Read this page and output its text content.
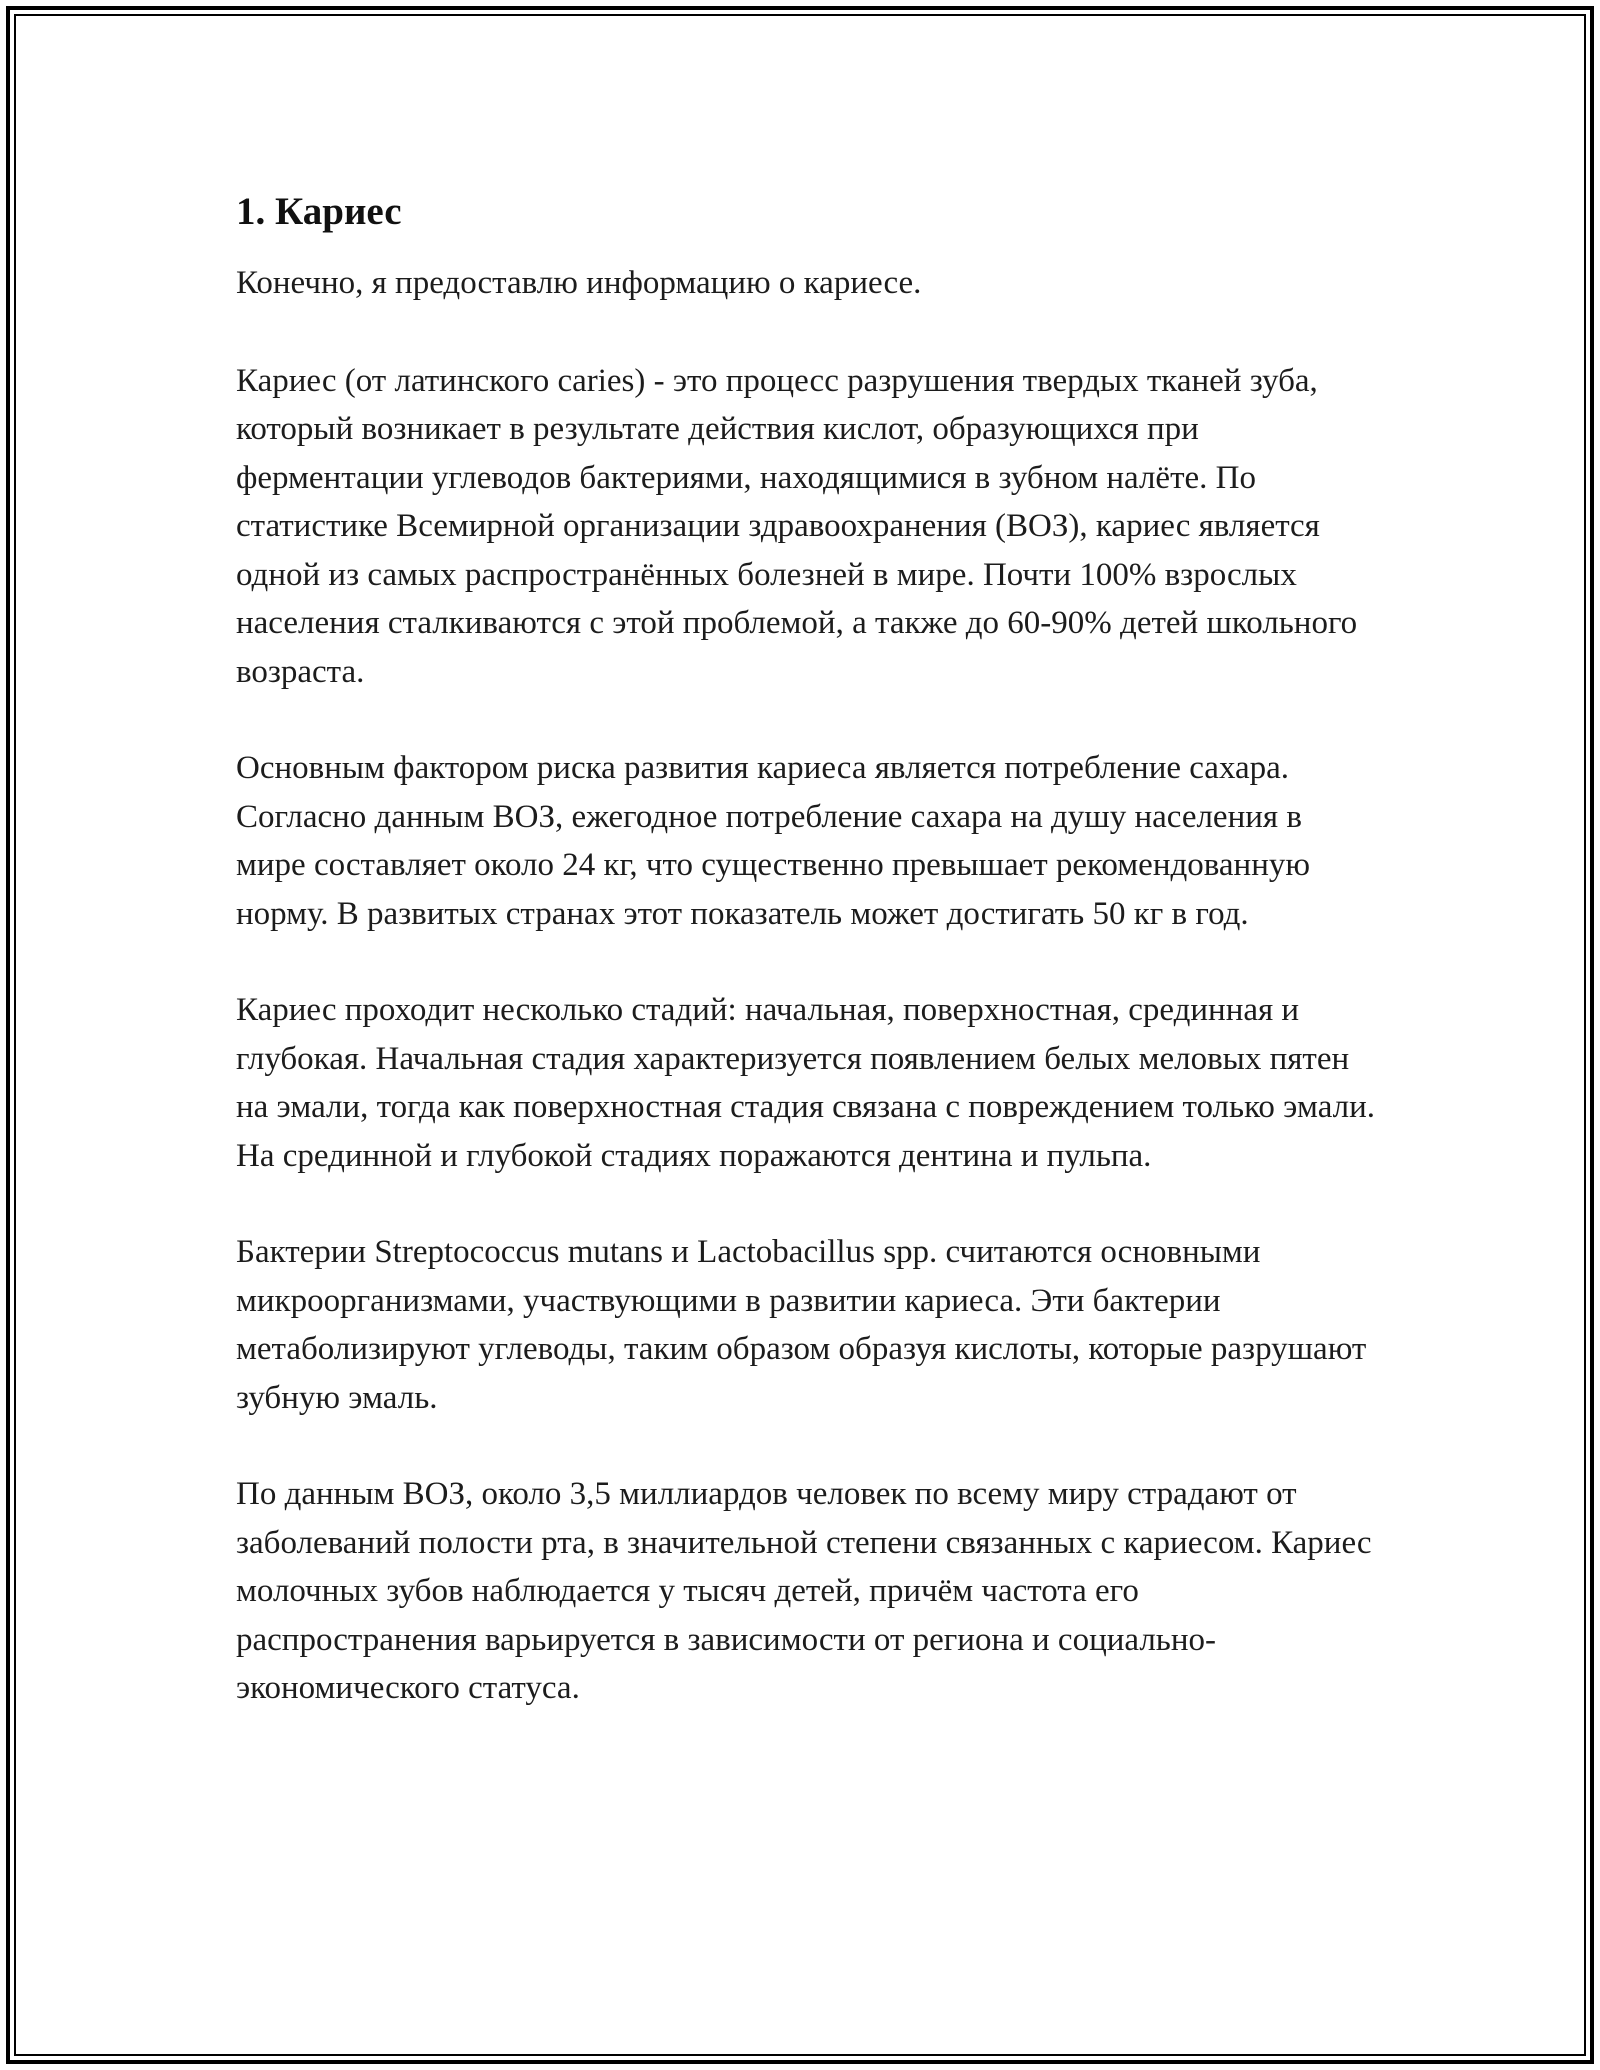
1. Кариес

Конечно, я предоставлю информацию о кариесе.

Кариес (от латинского caries) - это процесс разрушения твердых тканей зуба, который возникает в результате действия кислот, образующихся при ферментации углеводов бактериями, находящимися в зубном налёте. По статистике Всемирной организации здравоохранения (ВОЗ), кариес является одной из самых распространённых болезней в мире. Почти 100% взрослых населения сталкиваются с этой проблемой, а также до 60-90% детей школьного возраста.

Основным фактором риска развития кариеса является потребление сахара. Согласно данным ВОЗ, ежегодное потребление сахара на душу населения в мире составляет около 24 кг, что существенно превышает рекомендованную норму. В развитых странах этот показатель может достигать 50 кг в год.

Кариес проходит несколько стадий: начальная, поверхностная, срединная и глубокая. Начальная стадия характеризуется появлением белых меловых пятен на эмали, тогда как поверхностная стадия связана с повреждением только эмали. На срединной и глубокой стадиях поражаются дентина и пульпа.

Бактерии Streptococcus mutans и Lactobacillus spp. считаются основными микроорганизмами, участвующими в развитии кариеса. Эти бактерии метаболизируют углеводы, таким образом образуя кислоты, которые разрушают зубную эмаль.

По данным ВОЗ, около 3,5 миллиардов человек по всему миру страдают от заболеваний полости рта, в значительной степени связанных с кариесом. Кариес молочных зубов наблюдается у тысяч детей, причём частота его распространения варьируется в зависимости от региона и социально-экономического статуса.
